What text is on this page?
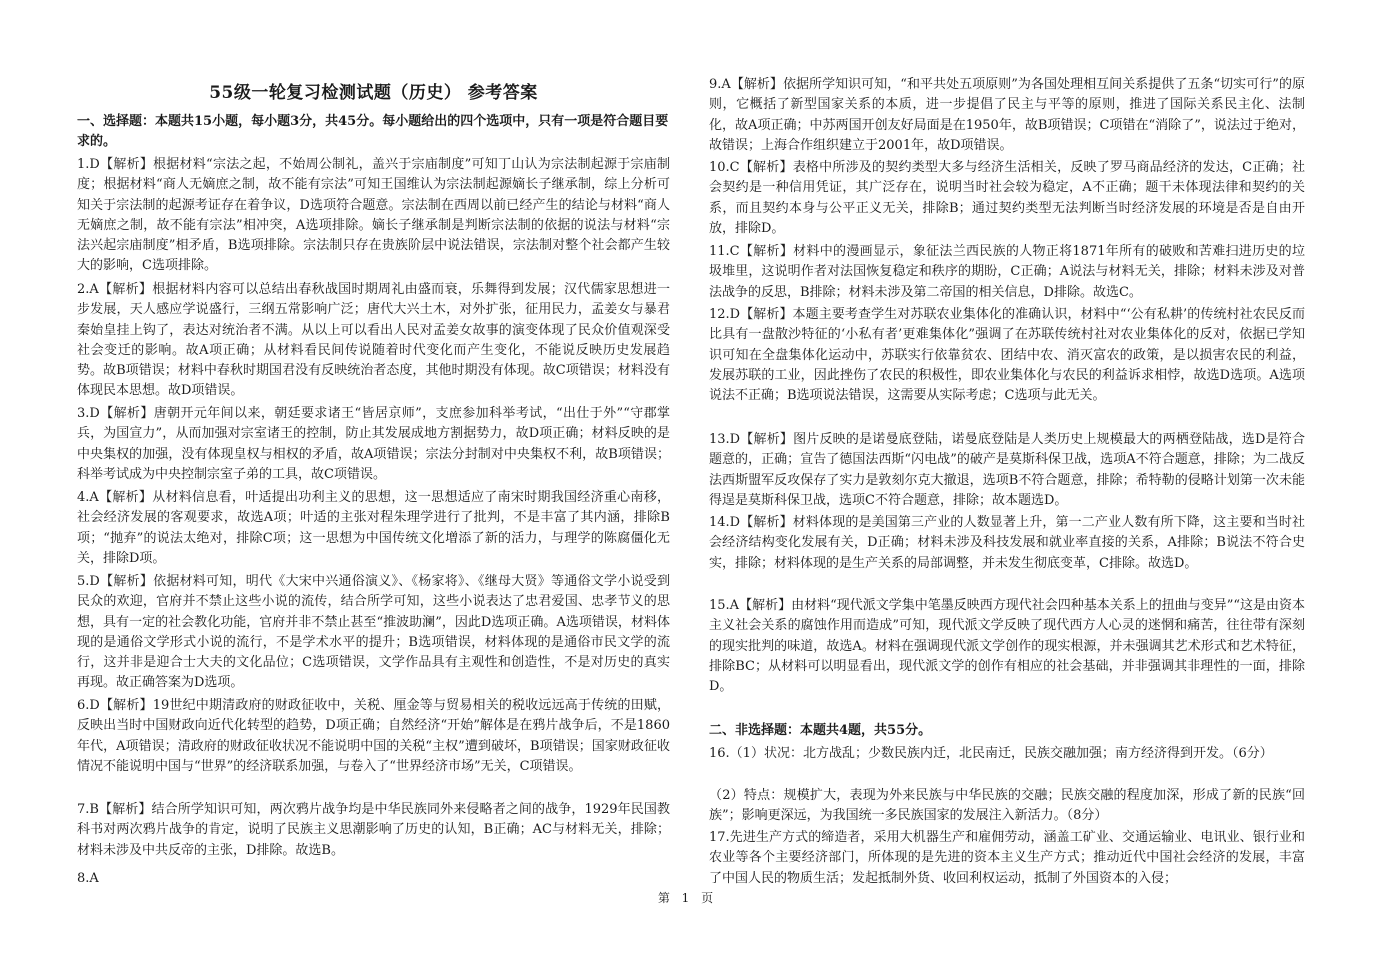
55级一轮复习检测试题（历史） 参考答案
一、选择题：本题共15小题，每小题3分，共45分。每小题给出的四个选项中，只有一项是符合题目要求的。
1.D【解析】根据材料“宗法之起，不始周公制礼，盖兴于宗庙制度”可知丁山认为宗法制起源于宗庙制度；根据材料“商人无嫡庶之制，故不能有宗法”可知王国维认为宗法制起源嫡长子继承制，综上分析可知关于宗法制的起源考证存在着争议，D选项符合题意。宗法制在西周以前已经产生的结论与材料“商人无嫡庶之制，故不能有宗法”相冲突，A选项排除。嫡长子继承制是判断宗法制的依据的说法与材料“宗法兴起宗庙制度”相矛盾，B选项排除。宗法制只存在贵族阶层中说法错误，宗法制对整个社会都产生较大的影响，C选项排除。
2.A【解析】根据材料内容可以总结出春秋战国时期周礼由盛而衰，乐舞得到发展；汉代儒家思想进一步发展，天人感应学说盛行，三纲五常影响广泛；唐代大兴土木，对外扩张，征用民力，孟姜女与暴君秦始皇挂上钩了，表达对统治者不满。从以上可以看出人民对孟姜女故事的演变体现了民众价值观深受社会变迁的影响。故A项正确；从材料看民间传说随着时代变化而产生变化，不能说反映历史发展趋势。故B项错误；材料中春秋时期国君没有反映统治者态度，其他时期没有体现。故C项错误；材料没有体现民本思想。故D项错误。
3.D【解析】唐朝开元年间以来，朝廷要求诸王“皆居京师”，支庶参加科举考试，“出仕于外”“守郡掌兵，为国宣力”，从而加强对宗室诸王的控制，防止其发展成地方割据势力，故D项正确；材料反映的是中央集权的加强，没有体现皇权与相权的矛盾，故A项错误；宗法分封制对中央集权不利，故B项错误；科举考试成为中央控制宗室子弟的工具，故C项错误。
4.A【解析】从材料信息看，叶适提出功利主义的思想，这一思想适应了南宋时期我国经济重心南移，社会经济发展的客观要求，故选A项；叶适的主张对程朱理学进行了批判，不是丰富了其内涵，排除B项；“抛弃”的说法太绝对，排除C项；这一思想为中国传统文化增添了新的活力，与理学的陈腐僵化无关，排除D项。
5.D【解析】依据材料可知，明代《大宋中兴通俗演义》、《杨家将》、《继母大贤》等通俗文学小说受到民众的欢迎，官府并不禁止这些小说的流传，结合所学可知，这些小说表达了忠君爱国、忠孝节义的思想，具有一定的社会教化功能，官府并非不禁止甚至“推波助澜”，因此D选项正确。A选项错误，材料体现的是通俗文学形式小说的流行，不是学术水平的提升；B选项错误，材料体现的是通俗市民文学的流行，这并非是迎合士大夫的文化品位；C选项错误，文学作品具有主观性和创造性，不是对历史的真实再现。故正确答案为D选项。
6.D【解析】19世纪中期清政府的财政征收中，关税、厘金等与贸易相关的税收远远高于传统的田赋，反映出当时中国财政向近代化转型的趋势，D项正确；自然经济“开始”解体是在鸦片战争后，不是1860年代，A项错误；清政府的财政征收状况不能说明中国的关税“主权”遭到破坏，B项错误；国家财政征收情况不能说明中国与“世界”的经济联系加强，与卷入了“世界经济市场”无关，C项错误。
7.B【解析】结合所学知识可知，两次鸦片战争均是中华民族同外来侵略者之间的战争，1929年民国教科书对两次鸦片战争的肯定，说明了民族主义思潮影响了历史的认知，B正确；AC与材料无关，排除；材料未涉及中共反帝的主张，D排除。故选B。
8.A
9.A【解析】依据所学知识可知，“和平共处五项原则”为各国处理相互间关系提供了五条“切实可行”的原则，它概括了新型国家关系的本质，进一步提倡了民主与平等的原则，推进了国际关系民主化、法制化，故A项正确；中苏两国开创友好局面是在1950年，故B项错误；C项错在“消除了”，说法过于绝对，故错误；上海合作组织建立于2001年，故D项错误。
10.C【解析】表格中所涉及的契约类型大多与经济生活相关，反映了罗马商品经济的发达，C正确；社会契约是一种信用凭证，其广泛存在，说明当时社会较为稳定，A不正确；题干未体现法律和契约的关系，而且契约本身与公平正义无关，排除B；通过契约类型无法判断当时经济发展的环境是否是自由开放，排除D。
11.C【解析】材料中的漫画显示，象征法兰西民族的人物正将1871年所有的破败和苦难扫进历史的垃圾堆里，这说明作者对法国恢复稳定和秩序的期盼，C正确；A说法与材料无关，排除；材料未涉及对普法战争的反思，B排除；材料未涉及第二帝国的相关信息，D排除。故选C。
12.D【解析】本题主要考查学生对苏联农业集体化的准确认识，材料中“‘公有私耕’的传统村社农民反而比具有一盘散沙特征的‘小私有者’更难集体化”强调了在苏联传统村社对农业集体化的反对，依据已学知识可知在全盘集体化运动中，苏联实行依靠贫农、团结中农、消灭富农的政策，是以损害农民的利益，发展苏联的工业，因此挫伤了农民的积极性，即农业集体化与农民的利益诉求相悖，故选D选项。A选项说法不正确；B选项说法错误，这需要从实际考虑；C选项与此无关。
13.D【解析】图片反映的是诺曼底登陆，诺曼底登陆是人类历史上规模最大的两栖登陆战，选D是符合题意的，正确；宣告了德国法西斯“闪电战”的破产是莫斯科保卫战，选项A不符合题意，排除；为二战反法西斯盟军反攻保存了实力是敦刻尔克大撤退，选项B不符合题意，排除；希特勒的侵略计划第一次未能得逞是莫斯科保卫战，选项C不符合题意，排除；故本题选D。
14.D【解析】材料体现的是美国第三产业的人数显著上升，第一二产业人数有所下降，这主要和当时社会经济结构变化发展有关，D正确；材料未涉及科技发展和就业率直接的关系，A排除；B说法不符合史实，排除；材料体现的是生产关系的局部调整，并未发生彻底变革，C排除。故选D。
15.A【解析】由材料“现代派文学集中笔墨反映西方现代社会四种基本关系上的扭曲与变异”“这是由资本主义社会关系的腐蚀作用而造成”可知，现代派文学反映了现代西方人心灵的迷惘和痛苦，往往带有深刻的现实批判的味道，故选A。材料在强调现代派文学创作的现实根源，并未强调其艺术形式和艺术特征，排除BC；从材料可以明显看出，现代派文学的创作有相应的社会基础，并非强调其非理性的一面，排除D。
二、非选择题：本题共4题，共55分。
16.（1）状况：北方战乱；少数民族内迁，北民南迁，民族交融加强；南方经济得到开发。（6分）
（2）特点：规模扩大，表现为外来民族与中华民族的交融；民族交融的程度加深，形成了新的民族“回族”；影响更深远，为我国统一多民族国家的发展注入新活力。（8分）
17.先进生产方式的缔造者，采用大机器生产和雇佣劳动，涵盖工矿业、交通运输业、电讯业、银行业和农业等各个主要经济部门，所体现的是先进的资本主义生产方式；推动近代中国社会经济的发展，丰富了中国人民的物质生活；发起抵制外货、收回利权运动，抵制了外国资本的入侵；
第 1 页
